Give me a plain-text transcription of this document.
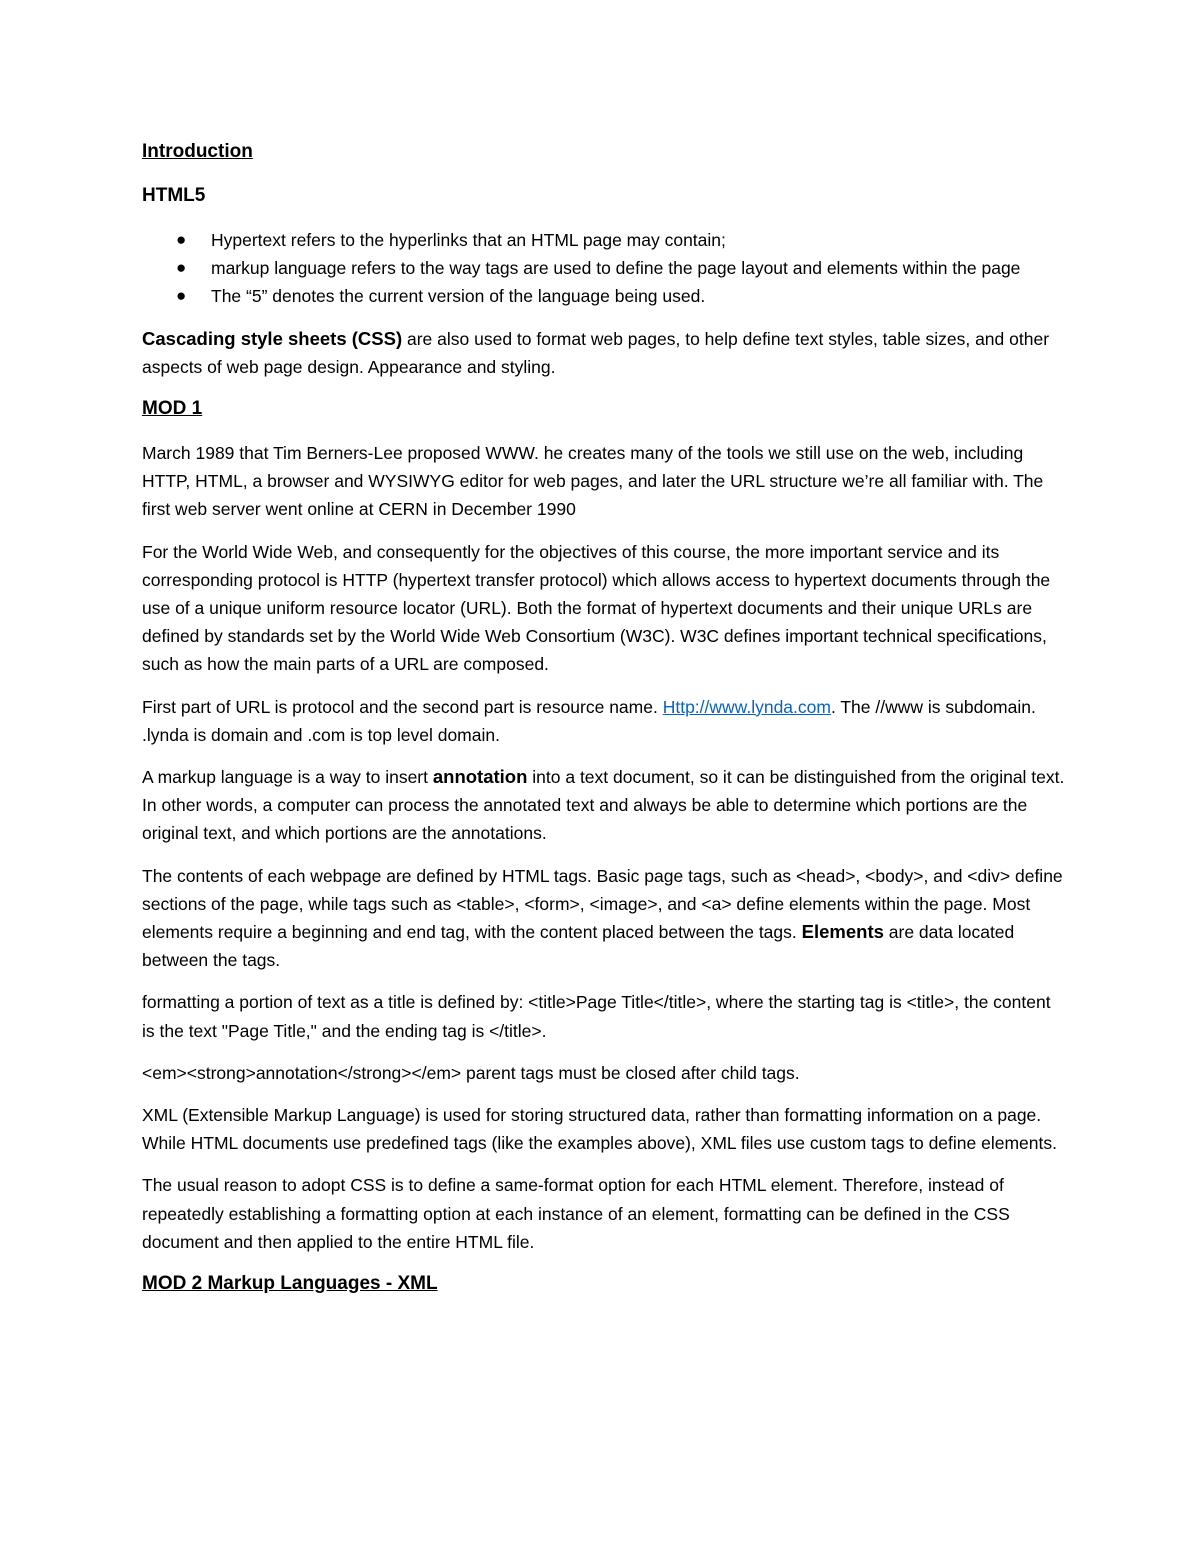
Introduction
HTML5
● Hypertext refers to the hyperlinks that an HTML page may contain;
● markup language refers to the way tags are used to define the page layout and elements within the page
● The “5” denotes the current version of the language being used.

Cascading style sheets (CSS) are also used to format web pages, to help define text styles, table sizes, and other aspects of web page design. Appearance and styling.

MOD 1

March 1989 that Tim Berners-Lee proposed WWW. he creates many of the tools we still use on the web, including HTTP, HTML, a browser and WYSIWYG editor for web pages, and later the URL structure we’re all familiar with. The first web server went online at CERN in December 1990

For the World Wide Web, and consequently for the objectives of this course, the more important service and its corresponding protocol is HTTP (hypertext transfer protocol) which allows access to hypertext documents through the use of a unique uniform resource locator (URL). Both the format of hypertext documents and their unique URLs are defined by standards set by the World Wide Web Consortium (W3C). W3C defines important technical specifications, such as how the main parts of a URL are composed.

First part of URL is protocol and the second part is resource name. Http://www.lynda.com. The //www is subdomain. .lynda is domain and .com is top level domain.

A markup language is a way to insert annotation into a text document, so it can be distinguished from the original text. In other words, a computer can process the annotated text and always be able to determine which portions are the original text, and which portions are the annotations.

The contents of each webpage are defined by HTML tags. Basic page tags, such as <head>, <body>, and <div> define sections of the page, while tags such as <table>, <form>, <image>, and <a> define elements within the page. Most elements require a beginning and end tag, with the content placed between the tags. Elements are data located between the tags.

formatting a portion of text as a title is defined by: <title>Page Title</title>, where the starting tag is <title>, the content is the text "Page Title," and the ending tag is </title>.

<em><strong>annotation</strong></em> parent tags must be closed after child tags.

XML (Extensible Markup Language) is used for storing structured data, rather than formatting information on a page. While HTML documents use predefined tags (like the examples above), XML files use custom tags to define elements.

The usual reason to adopt CSS is to define a same-format option for each HTML element. Therefore, instead of repeatedly establishing a formatting option at each instance of an element, formatting can be defined in the CSS document and then applied to the entire HTML file.

MOD 2 Markup Languages - XML
